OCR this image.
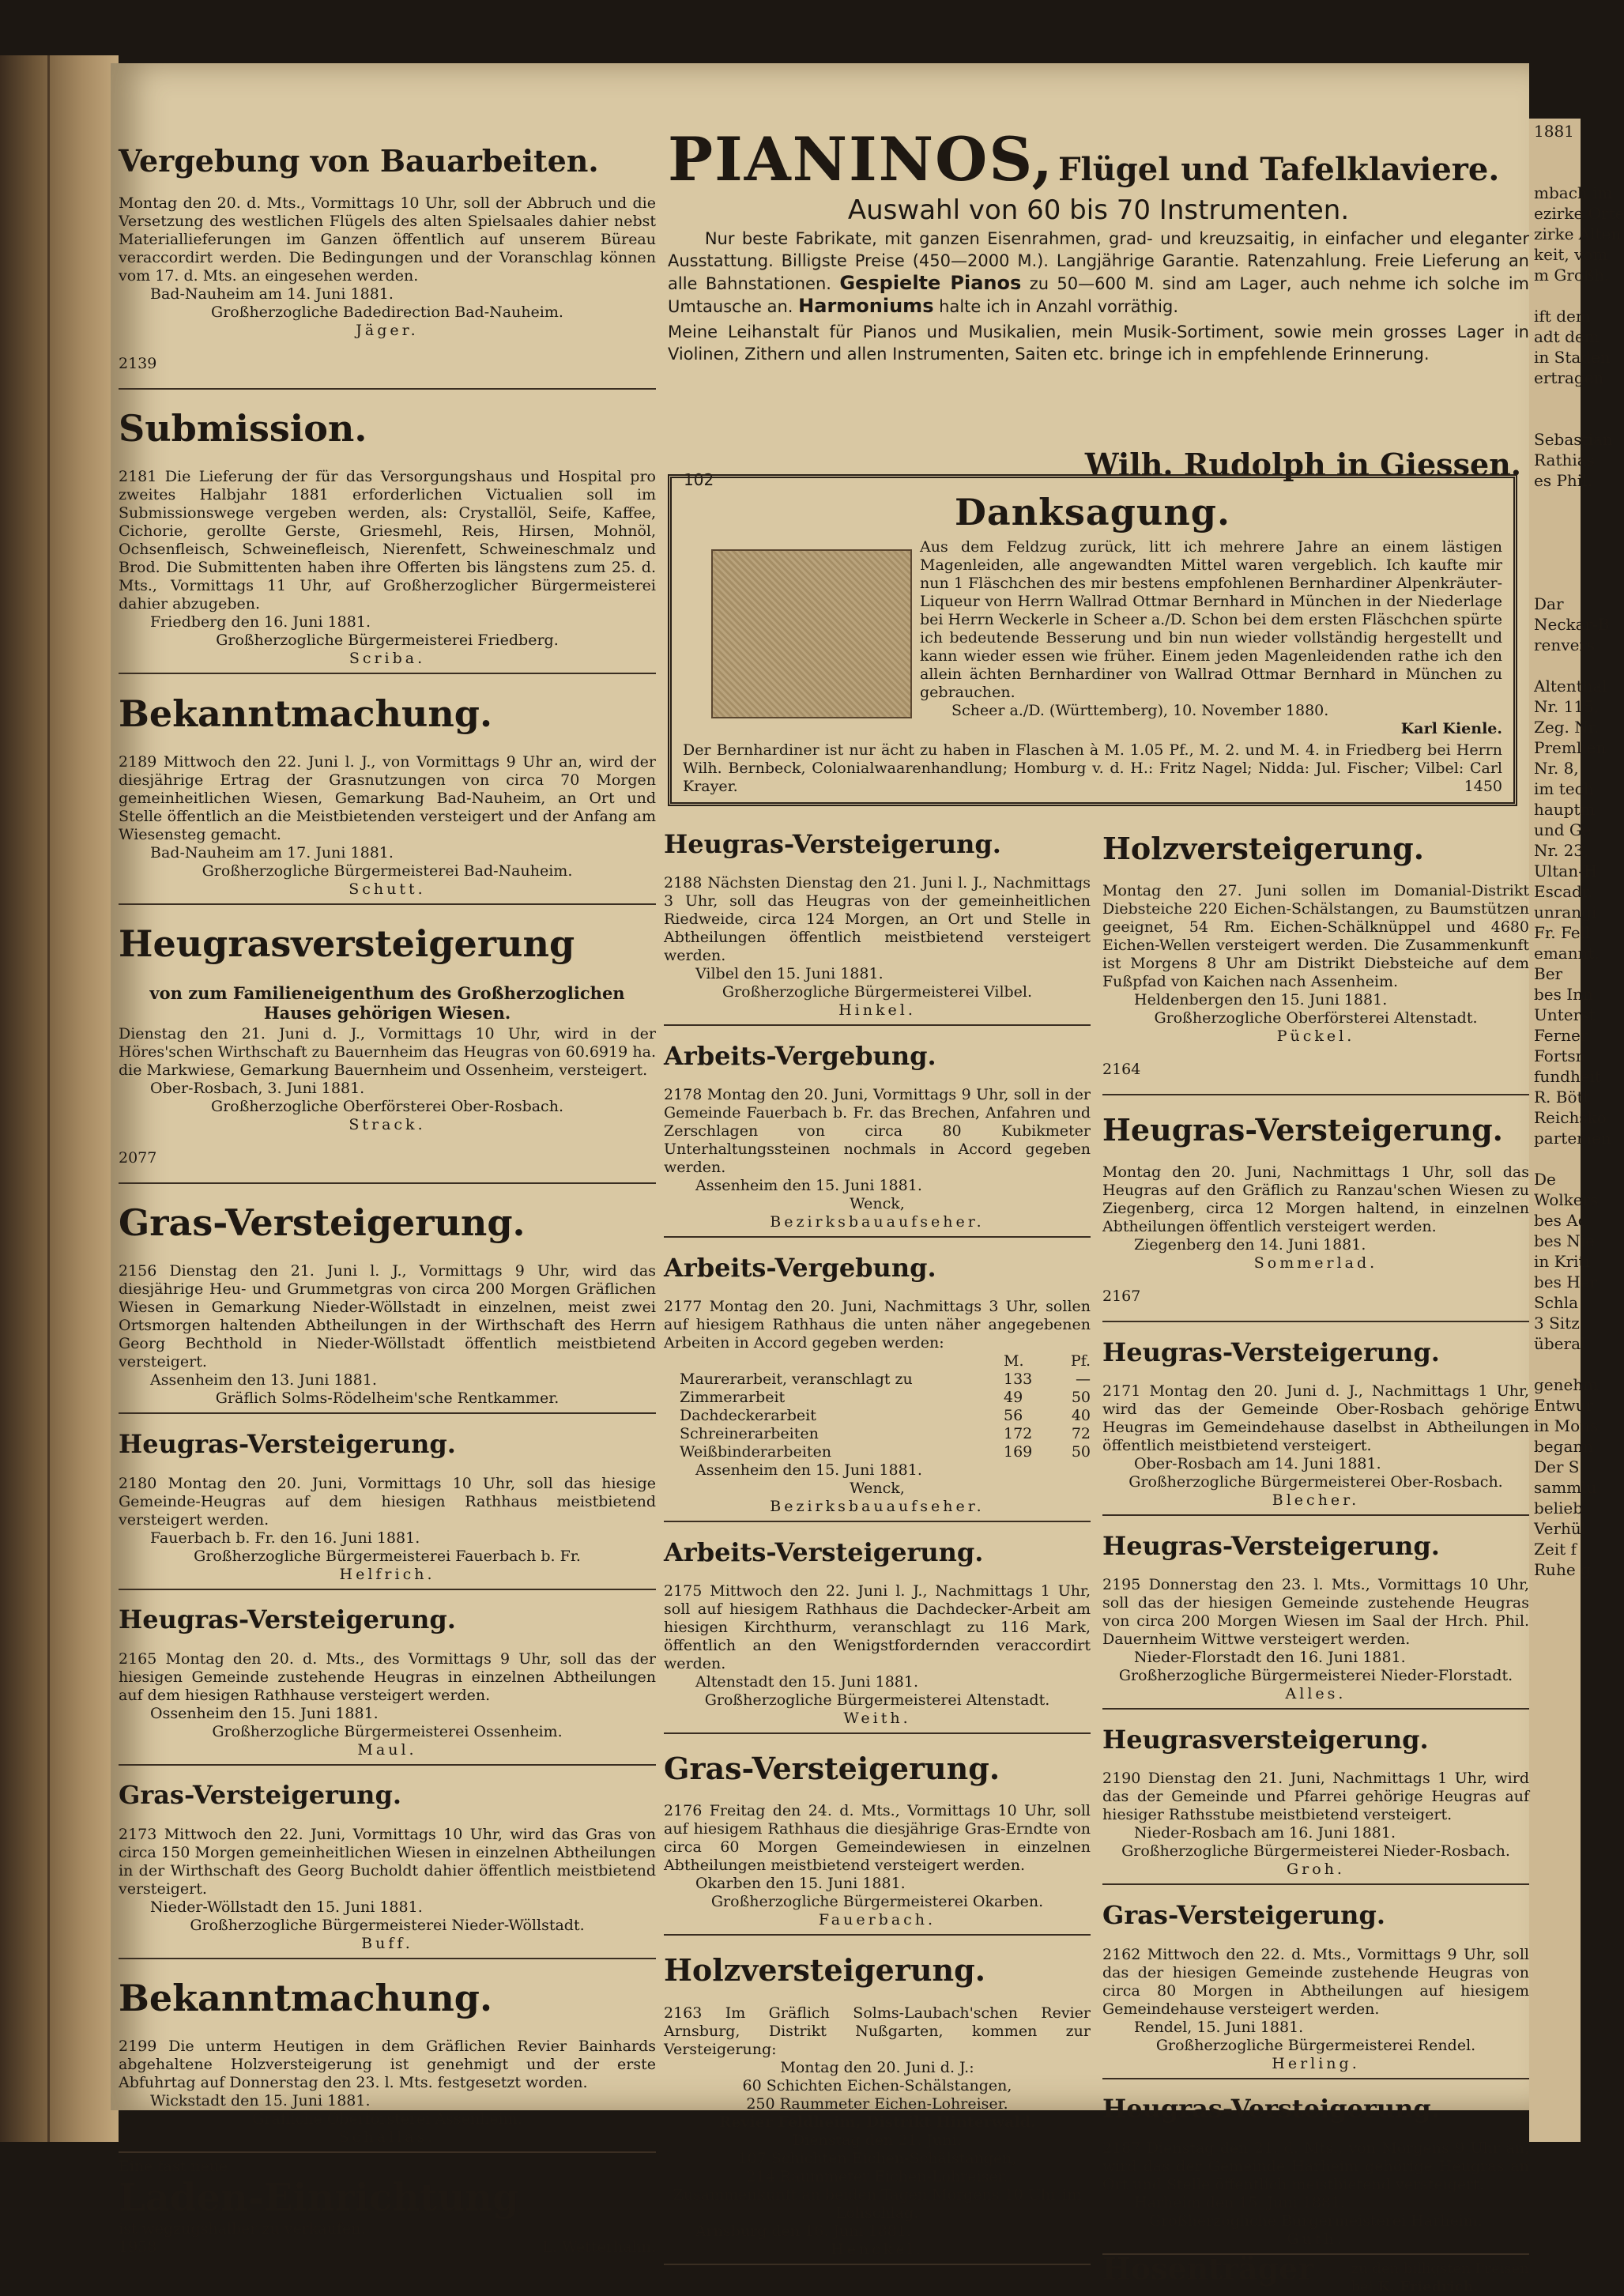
1881

mbach im
ezirke Orte
zirke Alten
keit, vom
m Großh.

ift dem
adt dem
in Staden
ertragen

Sebastian
Rathias
es Phil.

Dar
Neckar-B
renvers

Altenthal
Nr. 115,
Zeg. Nr.
Premlien
Nr. 8,
im tech
hauptm
und Ge
Nr. 23,
Ultan-H
Escadr.
unrangi
Fr. Fell
emannt.
Ber
bes Inn
Unterst
Ferner
Fortsn
fundheit
R. Bött
Reichsko
partemen

De
Wolkers
bes Ac
bes Nie
in Kriti
bes Her
Schla
3 Sitz
überal

genehm
Entwur
in Mons
begann
Der S
sammlu
belieb
Verhül
Zeit f
Ruhe g
Vergebung von Bauarbeiten.

Montag den 20. d. Mts., Vormittags 10 Uhr, soll der Abbruch und die Versetzung des westlichen Flügels des alten Spielsaales dahier nebst Materiallieferungen im Ganzen öffentlich auf unserem Büreau veraccordirt werden. Die Bedingungen und der Voranschlag können vom 17. d. Mts. an eingesehen werden.

Bad-Nauheim am 14. Juni 1881.

Großherzogliche Badedirection Bad-Nauheim.

Jäger.

2139

Submission.

2181 Die Lieferung der für das Versorgungshaus und Hospital pro zweites Halbjahr 1881 erforderlichen Victualien soll im Submissionswege vergeben werden, als: Crystallöl, Seife, Kaffee, Cichorie, gerollte Gerste, Griesmehl, Reis, Hirsen, Mohnöl, Ochsenfleisch, Schweinefleisch, Nierenfett, Schweineschmalz und Brod. Die Submittenten haben ihre Offerten bis längstens zum 25. d. Mts., Vormittags 11 Uhr, auf Großherzoglicher Bürgermeisterei dahier abzugeben.

Friedberg den 16. Juni 1881.

Großherzogliche Bürgermeisterei Friedberg.

Scriba.

Bekanntmachung.

2189 Mittwoch den 22. Juni l. J., von Vormittags 9 Uhr an, wird der diesjährige Ertrag der Grasnutzungen von circa 70 Morgen gemeinheitlichen Wiesen, Gemarkung Bad-Nauheim, an Ort und Stelle öffentlich an die Meistbietenden versteigert und der Anfang am Wiesensteg gemacht.

Bad-Nauheim am 17. Juni 1881.

Großherzogliche Bürgermeisterei Bad-Nauheim.

Schutt.

Heugrasversteigerung
von zum Familieneigenthum des Großherzoglichen Hauses gehörigen Wiesen.

Dienstag den 21. Juni d. J., Vormittags 10 Uhr, wird in der Höres'schen Wirthschaft zu Bauernheim das Heugras von 60.6919 ha. die Markwiese, Gemarkung Bauernheim und Ossenheim, versteigert.

Ober-Rosbach, 3. Juni 1881.

Großherzogliche Oberförsterei Ober-Rosbach.

Strack.

2077

Gras-Versteigerung.

2156 Dienstag den 21. Juni l. J., Vormittags 9 Uhr, wird das diesjährige Heu- und Grummetgras von circa 200 Morgen Gräflichen Wiesen in Gemarkung Nieder-Wöllstadt in einzelnen, meist zwei Ortsmorgen haltenden Abtheilungen in der Wirthschaft des Herrn Georg Bechthold in Nieder-Wöllstadt öffentlich meistbietend versteigert.

Assenheim den 13. Juni 1881.

Gräflich Solms-Rödelheim'sche Rentkammer.

Heugras-Versteigerung.

2180 Montag den 20. Juni, Vormittags 10 Uhr, soll das hiesige Gemeinde-Heugras auf dem hiesigen Rathhaus meistbietend versteigert werden.

Fauerbach b. Fr. den 16. Juni 1881.

Großherzogliche Bürgermeisterei Fauerbach b. Fr.

Helfrich.

Heugras-Versteigerung.

2165 Montag den 20. d. Mts., des Vormittags 9 Uhr, soll das der hiesigen Gemeinde zustehende Heugras in einzelnen Abtheilungen auf dem hiesigen Rathhause versteigert werden.

Ossenheim den 15. Juni 1881.

Großherzogliche Bürgermeisterei Ossenheim.

Maul.

Gras-Versteigerung.

2173 Mittwoch den 22. Juni, Vormittags 10 Uhr, wird das Gras von circa 150 Morgen gemeinheitlichen Wiesen in einzelnen Abtheilungen in der Wirthschaft des Georg Bucholdt dahier öffentlich meistbietend versteigert.

Nieder-Wöllstadt den 15. Juni 1881.

Großherzogliche Bürgermeisterei Nieder-Wöllstadt.

Buff.

Bekanntmachung.

2199 Die unterm Heutigen in dem Gräflichen Revier Bainhards abgehaltene Holzversteigerung ist genehmigt und der erste Abfuhrtag auf Donnerstag den 23. l. Mts. festgesetzt worden.

Wickstadt den 15. Juni 1881.

Gräfliche Oberförsterei Assenheim.

Schallas.

Eine fast neue
Laden-Einrichtung
ist wegzugshalber zu verkaufen.
1958	L. Wetterhahn.
PIANINOS, Flügel und Tafelklaviere.
Auswahl von 60 bis 70 Instrumenten.

Nur beste Fabrikate, mit ganzen Eisenrahmen, grad- und kreuzsaitig, in einfacher und eleganter Ausstattung. Billigste Preise (450—2000 M.). Langjährige Garantie. Ratenzahlung. Freie Lieferung an alle Bahnstationen. Gespielte Pianos zu 50—600 M. sind am Lager, auch nehme ich solche im Umtausche an. Harmoniums halte ich in Anzahl vorräthig.

Meine Leihanstalt für Pianos und Musikalien, mein Musik-Sortiment, sowie mein grosses Lager in Violinen, Zithern und allen Instrumenten, Saiten etc. bringe ich in empfehlende Erinnerung.

102	Wilh. Rudolph in Giessen.
Danksagung.
Aus dem Feldzug zurück, litt ich mehrere Jahre an einem lästigen Magenleiden, alle angewandten Mittel waren vergeblich. Ich kaufte mir nun 1 Fläschchen des mir bestens empfohlenen Bernhardiner Alpenkräuter-Liqueur von Herrn Wallrad Ottmar Bernhard in München in der Niederlage bei Herrn Weckerle in Scheer a./D. Schon bei dem ersten Fläschchen spürte ich bedeutende Besserung und bin nun wieder vollständig hergestellt und kann wieder essen wie früher. Einem jeden Magenleidenden rathe ich den allein ächten Bernhardiner von Wallrad Ottmar Bernhard in München zu gebrauchen.
Scheer a./D. (Württemberg), 10. November 1880.
Karl Kienle.
Der Bernhardiner ist nur ächt zu haben in Flaschen à M. 1.05 Pf., M. 2. und M. 4. in Friedberg bei Herrn Wilh. Bernbeck, Colonialwaarenhandlung; Homburg v. d. H.: Fritz Nagel; Nidda: Jul. Fischer; Vilbel: Carl Krayer.	1450
Heugras-Versteigerung.

2188 Nächsten Dienstag den 21. Juni l. J., Nachmittags 3 Uhr, soll das Heugras von der gemeinheitlichen Riedweide, circa 124 Morgen, an Ort und Stelle in Abtheilungen öffentlich meistbietend versteigert werden.

Vilbel den 15. Juni 1881.

Großherzogliche Bürgermeisterei Vilbel.

Hinkel.

Arbeits-Vergebung.

2178 Montag den 20. Juni, Vormittags 9 Uhr, soll in der Gemeinde Fauerbach b. Fr. das Brechen, Anfahren und Zerschlagen von circa 80 Kubikmeter Unterhaltungssteinen nochmals in Accord gegeben werden.

Assenheim den 15. Juni 1881.

Wenck,

Bezirksbauaufseher.

Arbeits-Vergebung.

2177 Montag den 20. Juni, Nachmittags 3 Uhr, sollen auf hiesigem Rathhaus die unten näher angegebenen Arbeiten in Accord gegeben werden:

M.	Pf.
Maurerarbeit, veranschlagt zu	133	—
Zimmerarbeit	49	50
Dachdeckerarbeit	56	40
Schreinerarbeiten	172	72
Weißbinderarbeiten	169	50

Assenheim den 15. Juni 1881.

Wenck,

Bezirksbauaufseher.

Arbeits-Versteigerung.

2175 Mittwoch den 22. Juni l. J., Nachmittags 1 Uhr, soll auf hiesigem Rathhaus die Dachdecker-Arbeit am hiesigen Kirchthurm, veranschlagt zu 116 Mark, öffentlich an den Wenigstfordernden veraccordirt werden.

Altenstadt den 15. Juni 1881.

Großherzogliche Bürgermeisterei Altenstadt.

Weith.

Gras-Versteigerung.

2176 Freitag den 24. d. Mts., Vormittags 10 Uhr, soll auf hiesigem Rathhaus die diesjährige Gras-Erndte von circa 60 Morgen Gemeindewiesen in einzelnen Abtheilungen meistbietend versteigert werden.

Okarben den 15. Juni 1881.

Großherzogliche Bürgermeisterei Okarben.

Fauerbach.

Holzversteigerung.

2163 Im Gräflich Solms-Laubach'schen Revier Arnsburg, Distrikt Nußgarten, kommen zur Versteigerung:

Montag den 20. Juni d. J.:
60 Schichten Eichen-Schälstangen,
250 Raummeter Eichen-Lohreiser.
Revier Feldheim, Distrikt Hinterwald.
Dienstag den 21. Juni:
107 Schichten Eichen-Schälstangen,
214 Raummeter Eichen-Lohreiser.
Zusammenkunft an beiden Tagen Morgens 10 Uhr im Lohschlag.

Arnsburg den 16. Juni 1881.

Henckel.

Holzversteigerung.

Montag den 27. Juni sollen im Domanial-Distrikt Diebsteiche 220 Eichen-Schälstangen, zu Baumstützen geeignet, 54 Rm. Eichen-Schälknüppel und 4680 Eichen-Wellen versteigert werden. Die Zusammenkunft ist Morgens 8 Uhr am Distrikt Diebsteiche auf dem Fußpfad von Kaichen nach Assenheim.

Heldenbergen den 15. Juni 1881.

Großherzogliche Oberförsterei Altenstadt.

Pückel.

2164

Heugras-Versteigerung.

Montag den 20. Juni, Nachmittags 1 Uhr, soll das Heugras auf den Gräflich zu Ranzau'schen Wiesen zu Ziegenberg, circa 12 Morgen haltend, in einzelnen Abtheilungen öffentlich versteigert werden.

Ziegenberg den 14. Juni 1881.

Sommerlad.

2167

Heugras-Versteigerung.

2171 Montag den 20. Juni d. J., Nachmittags 1 Uhr, wird das der Gemeinde Ober-Rosbach gehörige Heugras im Gemeindehause daselbst in Abtheilungen öffentlich meistbietend versteigert.

Ober-Rosbach am 14. Juni 1881.

Großherzogliche Bürgermeisterei Ober-Rosbach.

Blecher.

Heugras-Versteigerung.

2195 Donnerstag den 23. l. Mts., Vormittags 10 Uhr, soll das der hiesigen Gemeinde zustehende Heugras von circa 200 Morgen Wiesen im Saal der Hrch. Phil. Dauernheim Wittwe versteigert werden.

Nieder-Florstadt den 16. Juni 1881.

Großherzogliche Bürgermeisterei Nieder-Florstadt.

Alles.

Heugrasversteigerung.

2190 Dienstag den 21. Juni, Nachmittags 1 Uhr, wird das der Gemeinde und Pfarrei gehörige Heugras auf hiesiger Rathsstube meistbietend versteigert.

Nieder-Rosbach am 16. Juni 1881.

Großherzogliche Bürgermeisterei Nieder-Rosbach.

Groh.

Gras-Versteigerung.

2162 Mittwoch den 22. d. Mts., Vormittags 9 Uhr, soll das der hiesigen Gemeinde zustehende Heugras von circa 80 Morgen in Abtheilungen auf hiesigem Gemeindehause versteigert werden.

Rendel, 15. Juni 1881.

Großherzogliche Bürgermeisterei Rendel.

Herling.

Heugras-Versteigerung.

2187 Dienstag den 21. d. Mts., von Morgens 9 Uhr an, wird das der Gemeinde Harheim gehörige Heugras an Ort und Stelle öffentlich meistbietend versteigert.

Harheim den 15. Juni 1881.

Großherzogliche Bürgermeisterei Harheim.

Guth.

Hosenträger	zu den billigsten Preisen
bei K. Friedrich.
